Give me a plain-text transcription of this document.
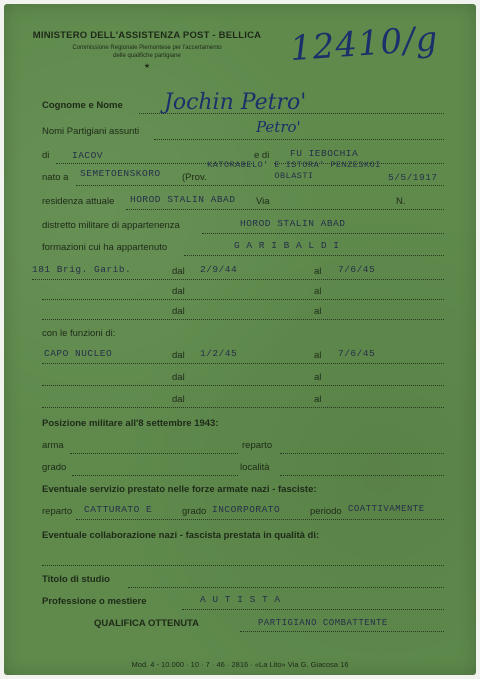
MINISTERO DELL'ASSISTENZA POST - BELLICA
Commissione Regionale Piemontese per l'accertamento
delle qualifiche partigiane
★	12410/g
Cognome e Nome Jochin Petro'
Nomi Partigiani assunti	Petro'
di IACOV	e di FU IEBOCHIA
nato a SEMETOENSKORO (Prov.
KATORABELO' E ISTORA' PENZESKOI OBLASTI	5/5/1917
residenza attuale HOROD STALIN ABAD Via	N.
distretto militare di appartenenza	HOROD STALIN ABAD
formazioni cui ha appartenuto	G A R I B A L D I
181 Brig. Garib.	dal 2/9/44	al 7/6/45
dal	al
dal	al
con le funzioni di:
CAPO NUCLEO	dal 1/2/45	al 7/6/45
dal	al
dal	al
Posizione militare all'8 settembre 1943:
arma	reparto
grado	località
Eventuale servizio prestato nelle forze armate nazi - fasciste:
reparto CATTURATO E	grado INCORPORATO	periodo COATTIVAMENTE
Eventuale collaborazione nazi - fascista prestata in qualità di:
Titolo di studio
Professione o mestiere	A U T I S T A
QUALIFICA OTTENUTA	PARTIGIANO COMBATTENTE
Mod. 4 - 10.000 · 10 · 7 · 46 · 2816 · «La Lito» Via G. Giacosa 16
